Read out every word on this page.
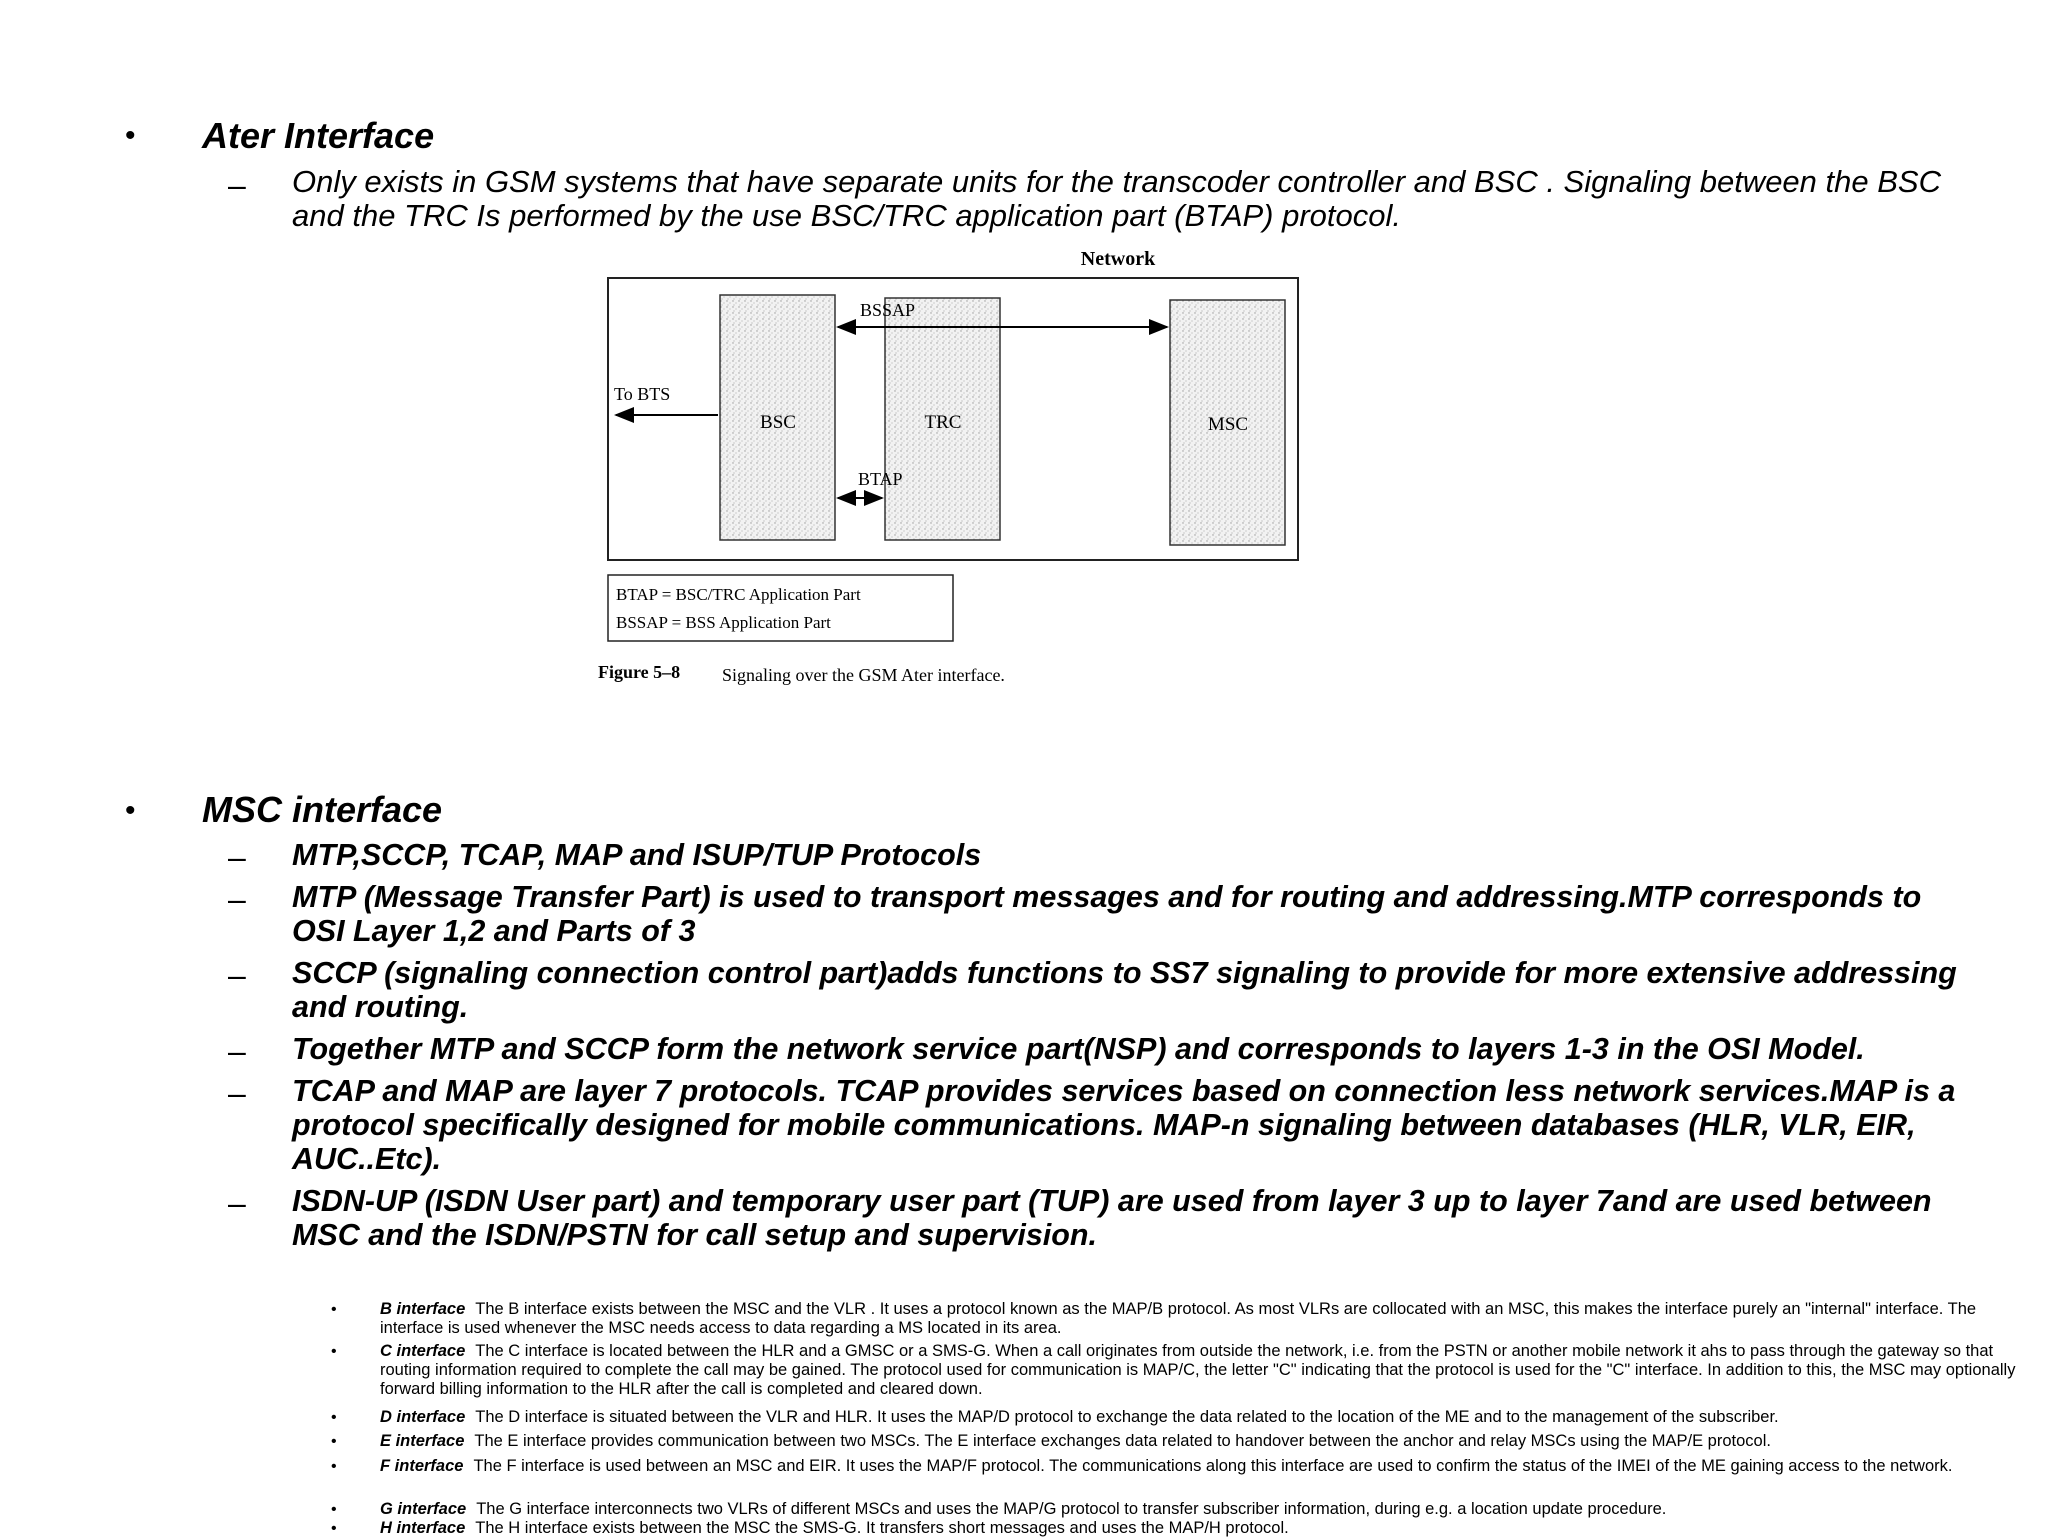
• Ater Interface
– Only exists in GSM systems that have separate units for the transcoder controller and BSC . Signaling between the BSC and the TRC Is performed by the use BSC/TRC application part (BTAP) protocol.
Network
BSC	TRC	MSC
BSSAP
BTAP
To BTS
BTAP = BSC/TRC Application Part
BSSAP = BSS Application Part
Figure 5–8 Signaling over the GSM Ater interface.
• MSC interface
– MTP,SCCP, TCAP, MAP and ISUP/TUP Protocols
– MTP (Message Transfer Part) is used to transport messages and for routing and addressing.MTP corresponds to OSI Layer 1,2 and Parts of 3
– SCCP (signaling connection control part)adds functions to SS7 signaling to provide for more extensive addressing and routing.
– Together MTP and SCCP form the network service part(NSP) and corresponds to layers 1-3 in the OSI Model.
– TCAP and MAP are layer 7 protocols. TCAP provides services based on connection less network services.MAP is a protocol specifically designed for mobile communications. MAP-n signaling between databases (HLR, VLR, EIR, AUC..Etc).
– ISDN-UP (ISDN User part) and temporary user part (TUP) are used from layer 3 up to layer 7and are used between MSC and the ISDN/PSTN for call setup and supervision.
•	B interface The B interface exists between the MSC and the VLR . It uses a protocol known as the MAP/B protocol. As most VLRs are collocated with an MSC, this makes the interface purely an "internal" interface. The interface is used whenever the MSC needs access to data regarding a MS located in its area.
•	C interface The C interface is located between the HLR and a GMSC or a SMS-G. When a call originates from outside the network, i.e. from the PSTN or another mobile network it ahs to pass through the gateway so that routing information required to complete the call may be gained. The protocol used for communication is MAP/C, the letter "C" indicating that the protocol is used for the "C" interface. In addition to this, the MSC may optionally forward billing information to the HLR after the call is completed and cleared down.
•	D interface The D interface is situated between the VLR and HLR. It uses the MAP/D protocol to exchange the data related to the location of the ME and to the management of the subscriber.
•	E interface The E interface provides communication between two MSCs. The E interface exchanges data related to handover between the anchor and relay MSCs using the MAP/E protocol.
•	F interface The F interface is used between an MSC and EIR. It uses the MAP/F protocol. The communications along this interface are used to confirm the status of the IMEI of the ME gaining access to the network.
•	G interface The G interface interconnects two VLRs of different MSCs and uses the MAP/G protocol to transfer subscriber information, during e.g. a location update procedure.
•	H interface The H interface exists between the MSC the SMS-G. It transfers short messages and uses the MAP/H protocol.
